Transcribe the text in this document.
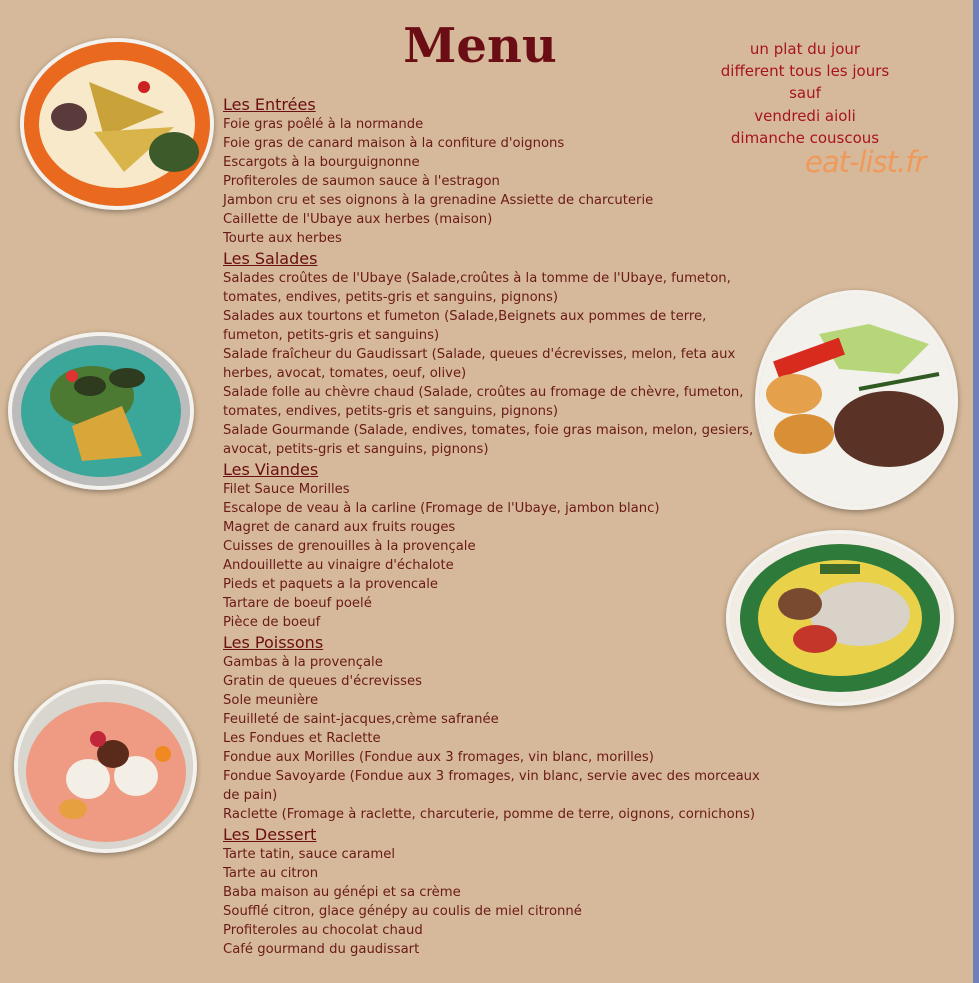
Menu	un plat du jour
different tous les jours
sauf
vendredi aioli
dimanche couscous
eat-list.fr
Les Entrées
Foie gras poêlé à la normande
Foie gras de canard maison à la confiture d'oignons
Escargots à la bourguignonne
Profiteroles de saumon sauce à l'estragon
Jambon cru et ses oignons à la grenadine Assiette de charcuterie
Caillette de l'Ubaye aux herbes (maison)
Tourte aux herbes
Les Salades
Salades croûtes de l'Ubaye (Salade,croûtes à la tomme de l'Ubaye, fumeton, tomates, endives, petits-gris et sanguins, pignons)
Salades aux tourtons et fumeton (Salade,Beignets aux pommes de terre, fumeton, petits-gris et sanguins)
Salade fraîcheur du Gaudissart (Salade, queues d'écrevisses, melon, feta aux herbes, avocat, tomates, oeuf, olive)
Salade folle au chèvre chaud (Salade, croûtes au fromage de chèvre, fumeton, tomates, endives, petits-gris et sanguins, pignons)
Salade Gourmande (Salade, endives, tomates, foie gras maison, melon, gesiers, avocat, petits-gris et sanguins, pignons)
Les Viandes
Filet Sauce Morilles
Escalope de veau à la carline (Fromage de l'Ubaye, jambon blanc)
Magret de canard aux fruits rouges
Cuisses de grenouilles à la provençale
Andouillette au vinaigre d'échalote
Pieds et paquets a la provencale
Tartare de boeuf poelé
Pièce de boeuf
Les Poissons
Gambas à la provençale
Gratin de queues d'écrevisses
Sole meunière
Feuilleté de saint-jacques,crème safranée
Les Fondues et Raclette
Fondue aux Morilles (Fondue aux 3 fromages, vin blanc, morilles)
Fondue Savoyarde (Fondue aux 3 fromages, vin blanc, servie avec des morceaux de pain)
Raclette (Fromage à raclette, charcuterie, pomme de terre, oignons, cornichons)
Les Dessert
Tarte tatin, sauce caramel
Tarte au citron
Baba maison au génépi et sa crème
Soufflé citron, glace génépy au coulis de miel citronné
Profiteroles au chocolat chaud
Café gourmand du gaudissart
